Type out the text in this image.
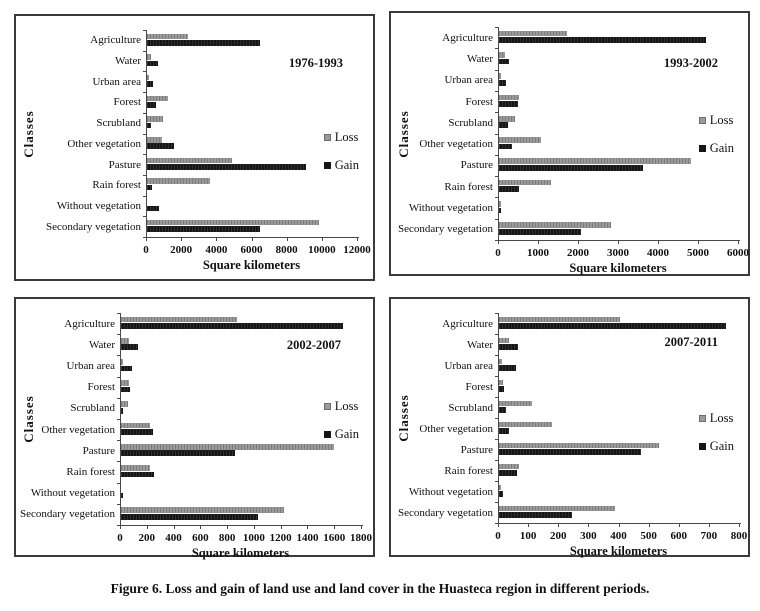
1976-1993
Classes
Agriculture
Water
Urban area
Forest
Scrubland
Other vegetation
Pasture
Rain forest
Without vegetation
Secondary vegetation
0	2000	4000	6000	8000 10000 12000
Square kilometers
Loss
Gain
1993-2002
Classes
Agriculture
Water
Urban area
Forest
Scrubland
Other vegetation
Pasture
Rain forest
Without vegetation
Secondary vegetation
0	1000	2000	3000	4000	5000	6000
Square kilometers
Loss
Gain
2002-2007
Classes
Agriculture
Water
Urban area
Forest
Scrubland
Other vegetation
Pasture
Rain forest
Without vegetation
Secondary vegetation
0	200 400 600 800 1000 1200 1400 1600 1800
Square kilometers
Loss
Gain
2007-2011
Classes
Agriculture
Water
Urban area
Forest
Scrubland
Other vegetation
Pasture
Rain forest
Without vegetation
Secondary vegetation
0	100	200	300	400	500	600	700	800
Square kilometers
Loss
Gain
Figure 6. Loss and gain of land use and land cover in the Huasteca region in different periods.
